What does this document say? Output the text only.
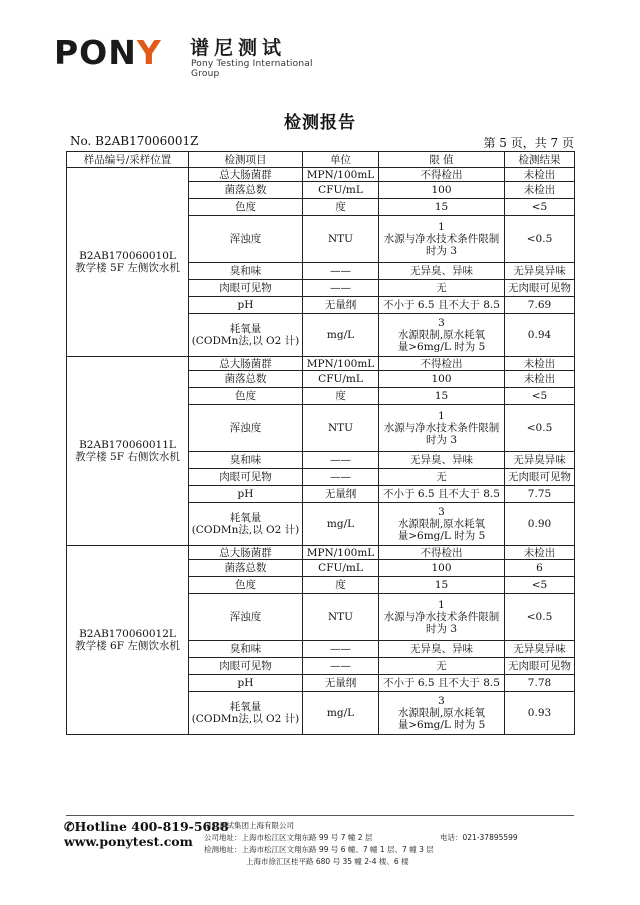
PONY 谱尼测试
Pony Testing International Group
检测报告
No. B2AB17006001Z	第 5 页，共 7 页
样品编号/采样位置	检测项目	单位	限 值	检测结果
B2AB170060010L
教学楼 5F 左侧饮水机	总大肠菌群	MPN/100mL	不得检出	未检出
	菌落总数	CFU/mL	100	未检出
	色度	度	15	<5
	浑浊度	NTU	1
水源与净水技术条件限制
时为 3	<0.5
	臭和味	——	无异臭、异味	无异臭异味
	肉眼可见物	——	无	无肉眼可见物
	pH	无量纲	不小于 6.5 且不大于 8.5	7.69
	耗氧量
(CODMn法,以 O2 计)	mg/L	3
水源限制,原水耗氧
量>6mg/L 时为 5	0.94
B2AB170060011L
教学楼 5F 右侧饮水机	总大肠菌群	MPN/100mL	不得检出	未检出
	菌落总数	CFU/mL	100	未检出
	色度	度	15	<5
	浑浊度	NTU	1
水源与净水技术条件限制
时为 3	<0.5
	臭和味	——	无异臭、异味	无异臭异味
	肉眼可见物	——	无	无肉眼可见物
	pH	无量纲	不小于 6.5 且不大于 8.5	7.75
	耗氧量
(CODMn法,以 O2 计)	mg/L	3
水源限制,原水耗氧
量>6mg/L 时为 5	0.90
B2AB170060012L
教学楼 6F 左侧饮水机	总大肠菌群	MPN/100mL	不得检出	未检出
	菌落总数	CFU/mL	100	6
	色度	度	15	<5
	浑浊度	NTU	1
水源与净水技术条件限制
时为 3	<0.5
	臭和味	——	无异臭、异味	无异臭异味
	肉眼可见物	——	无	无肉眼可见物
	pH	无量纲	不小于 6.5 且不大于 8.5	7.78
	耗氧量
(CODMn法,以 O2 计)	mg/L	3
水源限制,原水耗氧
量>6mg/L 时为 5	0.93
✆Hotline 400-819-5688
www.ponytest.com
谱尼测试集团上海有限公司
公司地址：上海市松江区文翔东路 99 号 7 幢 2 层
检测地址：上海市松江区文翔东路 99 号 6 幢、7 幢 1 层、7 幢 3 层
上海市徐汇区桂平路 680 号 35 幢 2-4 楼、6 楼
电话：021-37895599
